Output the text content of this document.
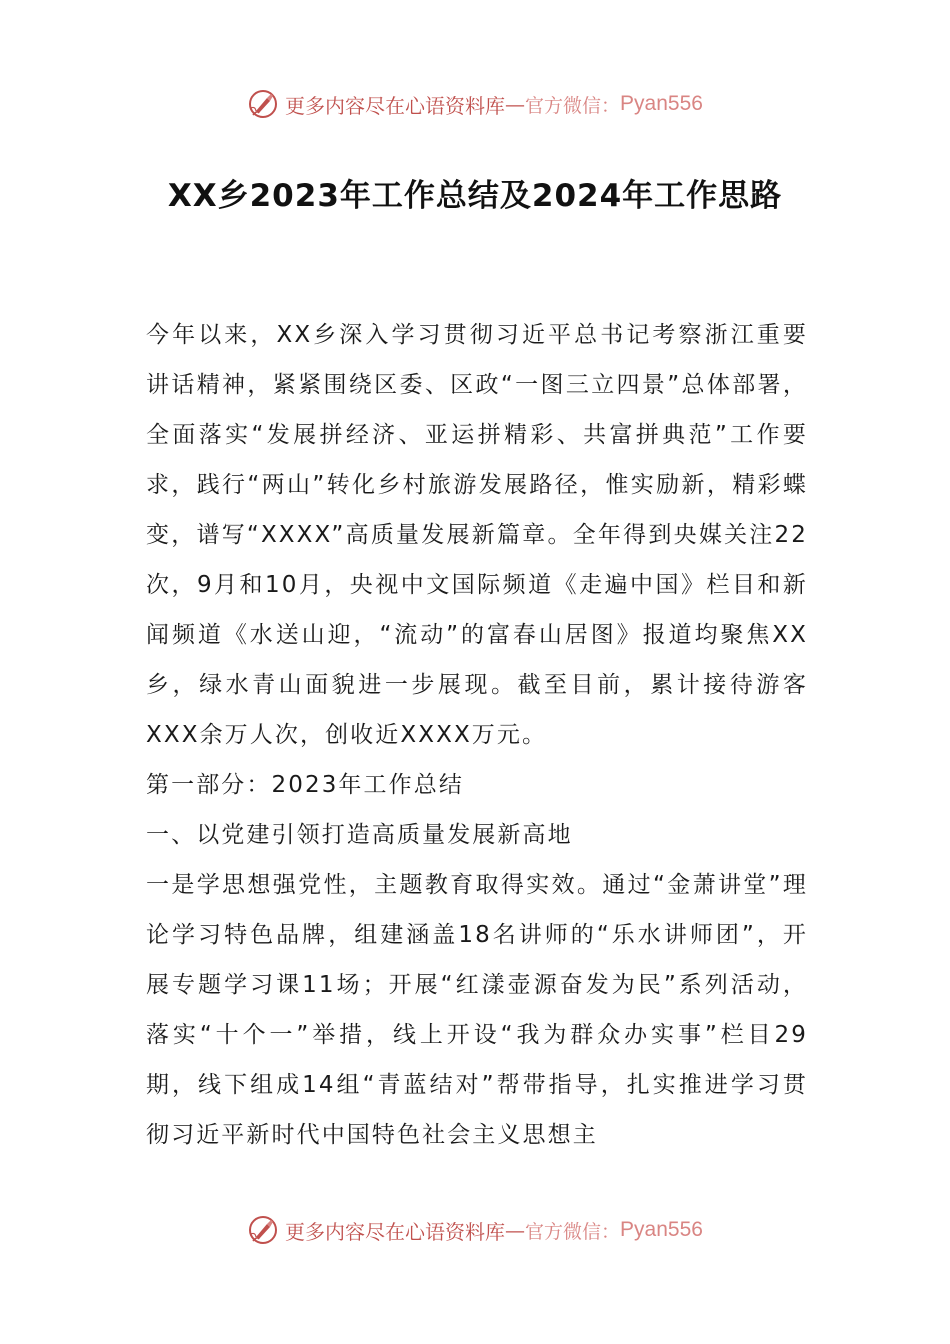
更多内容尽在心语资料库 — 官方微信： Pyan556
XX乡2023年工作总结及2024年工作思路

今年以来，XX乡深入学习贯彻习近平总书记考察浙江重要讲话精神，紧紧围绕区委、区政“一图三立四景”总体部署，全面落实“发展拼经济、亚运拼精彩、共富拼典范”工作要求，践行“两山”转化乡村旅游发展路径，惟实励新，精彩蝶变，谱写“XXXX”高质量发展新篇章。全年得到央媒关注22次，9月和10月，央视中文国际频道《走遍中国》栏目和新闻频道《水送山迎，“流动”的富春山居图》报道均聚焦XX乡，绿水青山面貌进一步展现。截至目前，累计接待游客XXX余万人次，创收近XXXX万元。

第一部分：2023年工作总结

一、以党建引领打造高质量发展新高地

一是学思想强党性，主题教育取得实效。通过“金萧讲堂”理论学习特色品牌，组建涵盖18名讲师的“乐水讲师团”，开展专题学习课11场；开展“红漾壶源奋发为民”系列活动，落实“十个一”举措，线上开设“我为群众办实事”栏目29期，线下组成14组“青蓝结对”帮带指导，扎实推进学习贯彻习近平新时代中国特色社会主义思想主

更多内容尽在心语资料库 — 官方微信： Pyan556
